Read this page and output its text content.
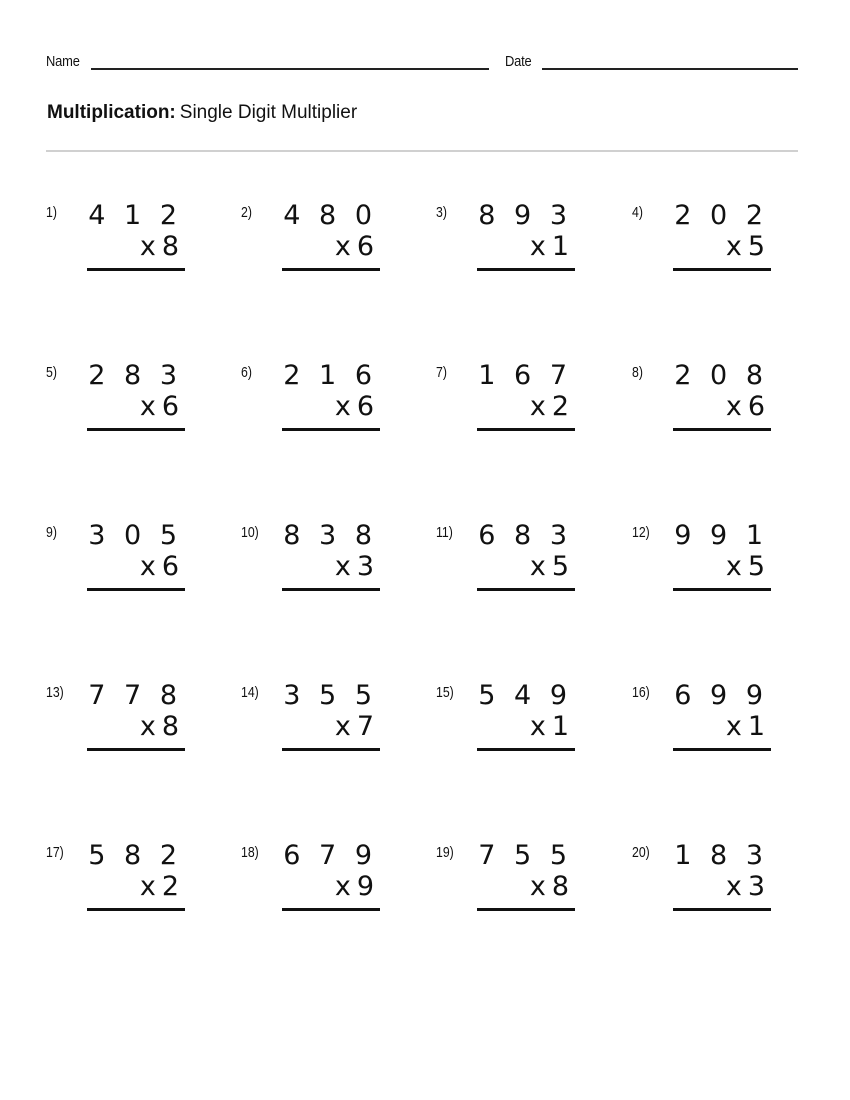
Name	Date
Multiplication: Single Digit Multiplier
1) 4 1 2
x 8
2) 4 8 0
x 6
3) 8 9 3
x 1
4) 2 0 2
x 5
5) 2 8 3
x 6
6) 2 1 6
x 6
7) 1 6 7
x 2
8) 2 0 8
x 6
9) 3 0 5
x 6
10) 8 3 8
x 3
11) 6 8 3
x 5
12) 9 9 1
x 5
13) 7 7 8
x 8
14) 3 5 5
x 7
15) 5 4 9
x 1
16) 6 9 9
x 1
17) 5 8 2
x 2
18) 6 7 9
x 9
19) 7 5 5
x 8
20) 1 8 3
x 3
